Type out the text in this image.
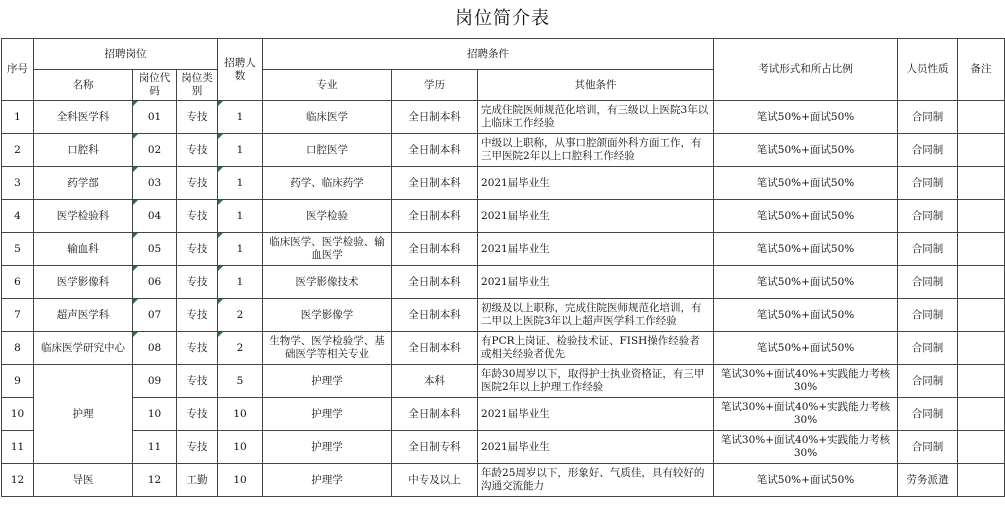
岗位简介表
序号	招聘岗位			招聘人数	招聘条件			考试形式和所占比例	人员性质	备注
	名称	岗位代码	岗位类别		专业	学历	其他条件			
1	全科医学科	01	专技	1	临床医学	全日制本科	完成住院医师规范化培训，有三级以上医院3年以上临床工作经验	笔试50%+面试50%	合同制	
2	口腔科	02	专技	1	口腔医学	全日制本科	中级以上职称，从事口腔颌面外科方面工作，有三甲医院2年以上口腔科工作经验	笔试50%+面试50%	合同制	
3	药学部	03	专技	1	药学、临床药学	全日制本科	2021届毕业生	笔试50%+面试50%	合同制	
4	医学检验科	04	专技	1	医学检验	全日制本科	2021届毕业生	笔试50%+面试50%	合同制	
5	输血科	05	专技	1	临床医学、医学检验、输血医学	全日制本科	2021届毕业生	笔试50%+面试50%	合同制	
6	医学影像科	06	专技	1	医学影像技术	全日制本科	2021届毕业生	笔试50%+面试50%	合同制	
7	超声医学科	07	专技	2	医学影像学	全日制本科	初级及以上职称，完成住院医师规范化培训，有二甲以上医院3年以上超声医学科工作经验	笔试50%+面试50%	合同制	
8	临床医学研究中心	08	专技	2	生物学、医学检验学、基础医学等相关专业	全日制本科	有PCR上岗证、检验技术证、FISH操作经验者或相关经验者优先	笔试50%+面试50%	合同制	
9	护理	09	专技	5	护理学	本科	年龄30周岁以下，取得护士执业资格证，有三甲医院2年以上护理工作经验	笔试30%+面试40%+实践能力考核30%	合同制	
10		10	专技	10	护理学	全日制本科	2021届毕业生	笔试30%+面试40%+实践能力考核30%	合同制	
11		11	专技	10	护理学	全日制专科	2021届毕业生	笔试30%+面试40%+实践能力考核30%	合同制	
12	导医	12	工勤	10	护理学	中专及以上	年龄25周岁以下，形象好、气质佳，具有较好的沟通交流能力	笔试50%+面试50%	劳务派遣	
